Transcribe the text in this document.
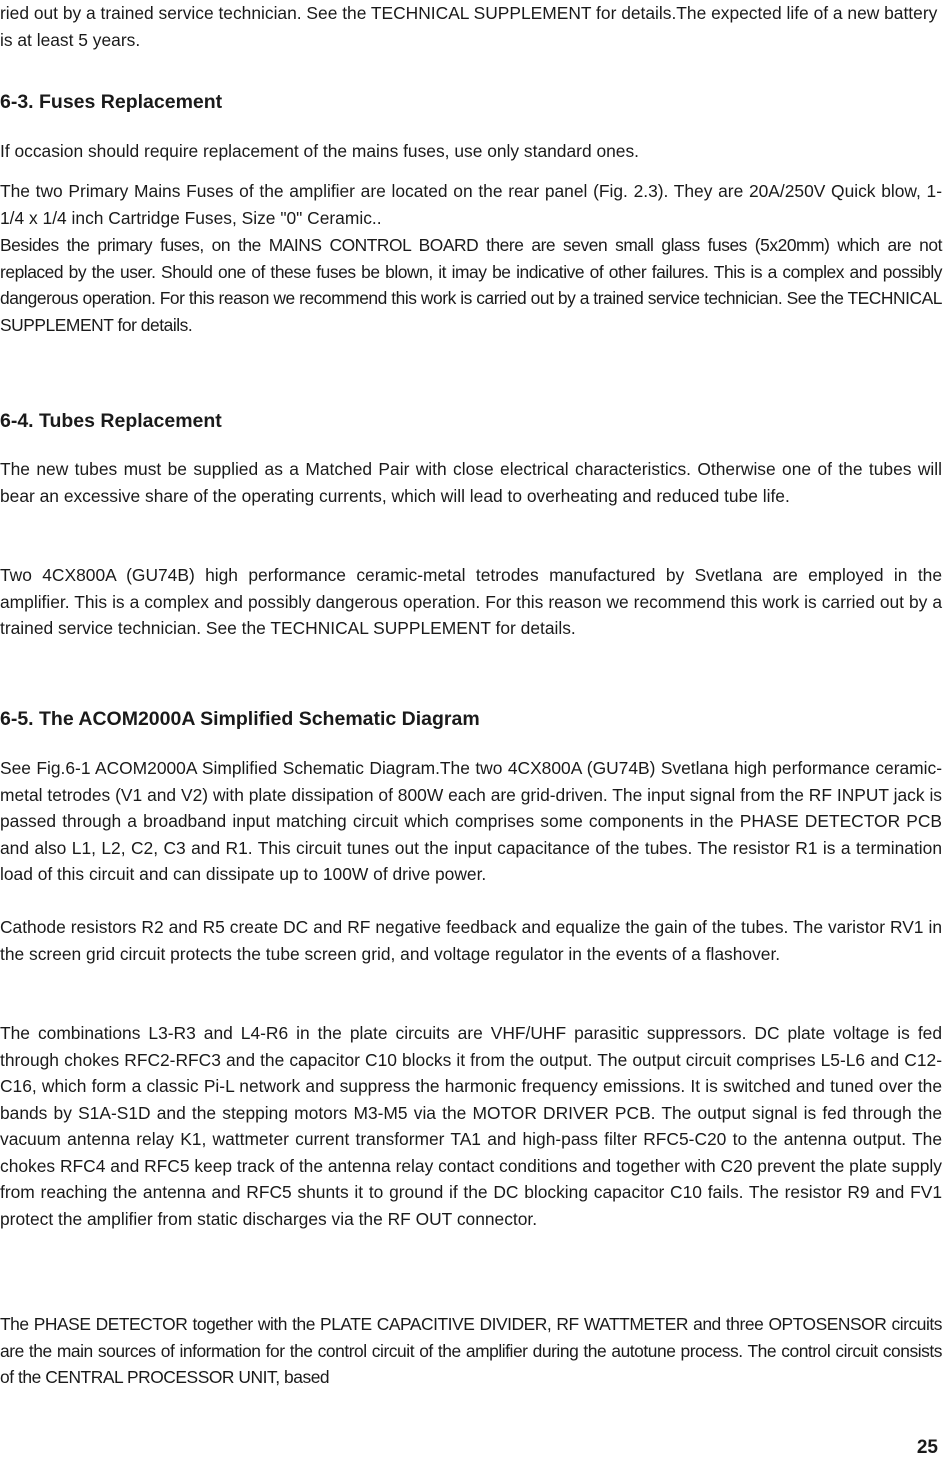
ried out by a trained service technician. See the TECHNICAL SUPPLEMENT for details.The expected life of a new battery is at least 5 years.

6-3. Fuses Replacement

If occasion should require replacement of the mains fuses, use only standard ones.

The two Primary Mains Fuses of the amplifier are located on the rear panel (Fig. 2.3). They are 20A/250V Quick blow, 1-1/4 x 1/4 inch Cartridge Fuses, Size "0" Ceramic..

Besides the primary fuses, on the MAINS CONTROL BOARD there are seven small glass fuses (5x20mm) which are not replaced by the user. Should one of these fuses be blown, it imay be indicative of other failures. This is a complex and possibly dangerous operation. For this reason we recommend this work is carried out by a trained service technician. See the TECHNICAL SUPPLEMENT for details.

6-4. Tubes Replacement

The new tubes must be supplied as a Matched Pair with close electrical characteristics. Otherwise one of the tubes will bear an excessive share of the operating currents, which will lead to overheating and reduced tube life.

Two 4CX800A (GU74B) high performance ceramic-metal tetrodes manufactured by Svetlana are employed in the amplifier. This is a complex and possibly dangerous operation. For this reason we recommend this work is carried out by a trained service technician. See the TECHNICAL SUPPLEMENT for details.

6-5. The ACOM2000A Simplified Schematic Diagram

See Fig.6-1 ACOM2000A Simplified Schematic Diagram.The two 4CX800A (GU74B) Svetlana high performance ceramic-metal tetrodes (V1 and V2) with plate dissipation of 800W each are grid-driven. The input signal from the RF INPUT jack is passed through a broadband input matching circuit which comprises some components in the PHASE DETECTOR PCB and also L1, L2, C2, C3 and R1. This circuit tunes out the input capacitance of the tubes. The resistor R1 is a termination load of this circuit and can dissipate up to 100W of drive power.

Cathode resistors R2 and R5 create DC and RF negative feedback and equalize the gain of the tubes. The varistor RV1 in the screen grid circuit protects the tube screen grid, and voltage regulator in the events of a flashover.

The combinations L3-R3 and L4-R6 in the plate circuits are VHF/UHF parasitic suppressors. DC plate voltage is fed through chokes RFC2-RFC3 and the capacitor C10 blocks it from the output. The output circuit comprises L5-L6 and C12-C16, which form a classic Pi-L network and suppress the harmonic frequency emissions. It is switched and tuned over the bands by S1A-S1D and the stepping motors M3-M5 via the MOTOR DRIVER PCB. The output signal is fed through the vacuum antenna relay K1, wattmeter current transformer TA1 and high-pass filter RFC5-C20 to the antenna output. The chokes RFC4 and RFC5 keep track of the antenna relay contact conditions and together with C20 prevent the plate supply from reaching the antenna and RFC5 shunts it to ground if the DC blocking capacitor C10 fails. The resistor R9 and FV1 protect the amplifier from static discharges via the RF OUT connector.

The PHASE DETECTOR together with the PLATE CAPACITIVE DIVIDER, RF WATTMETER and three OPTOSENSOR circuits are the main sources of information for the control circuit of the amplifier during the autotune process. The control circuit consists of the CENTRAL PROCESSOR UNIT, based

25
